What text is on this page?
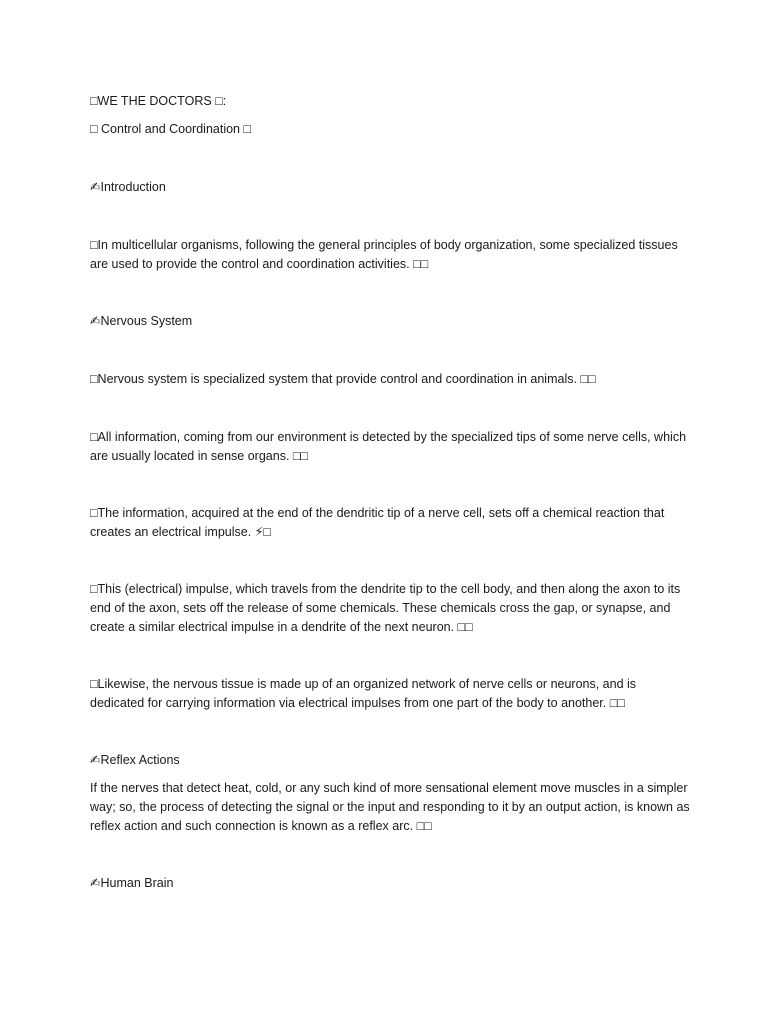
□WE THE DOCTORS □:

□ Control and Coordination □

✍Introduction

□In multicellular organisms, following the general principles of body organization, some specialized tissues are used to provide the control and coordination activities. □□

✍Nervous System

□Nervous system is specialized system that provide control and coordination in animals. □□

□All information, coming from our environment is detected by the specialized tips of some nerve cells, which are usually located in sense organs. □□

□The information, acquired at the end of the dendritic tip of a nerve cell, sets off a chemical reaction that creates an electrical impulse. ⚡□

□This (electrical) impulse, which travels from the dendrite tip to the cell body, and then along the axon to its end of the axon, sets off the release of some chemicals. These chemicals cross the gap, or synapse, and create a similar electrical impulse in a dendrite of the next neuron. □□

□Likewise, the nervous tissue is made up of an organized network of nerve cells or neurons, and is dedicated for carrying information via electrical impulses from one part of the body to another. □□

✍Reflex Actions

If the nerves that detect heat, cold, or any such kind of more sensational element move muscles in a simpler way; so, the process of detecting the signal or the input and responding to it by an output action, is known as reflex action and such connection is known as a reflex arc. □□

✍Human Brain
